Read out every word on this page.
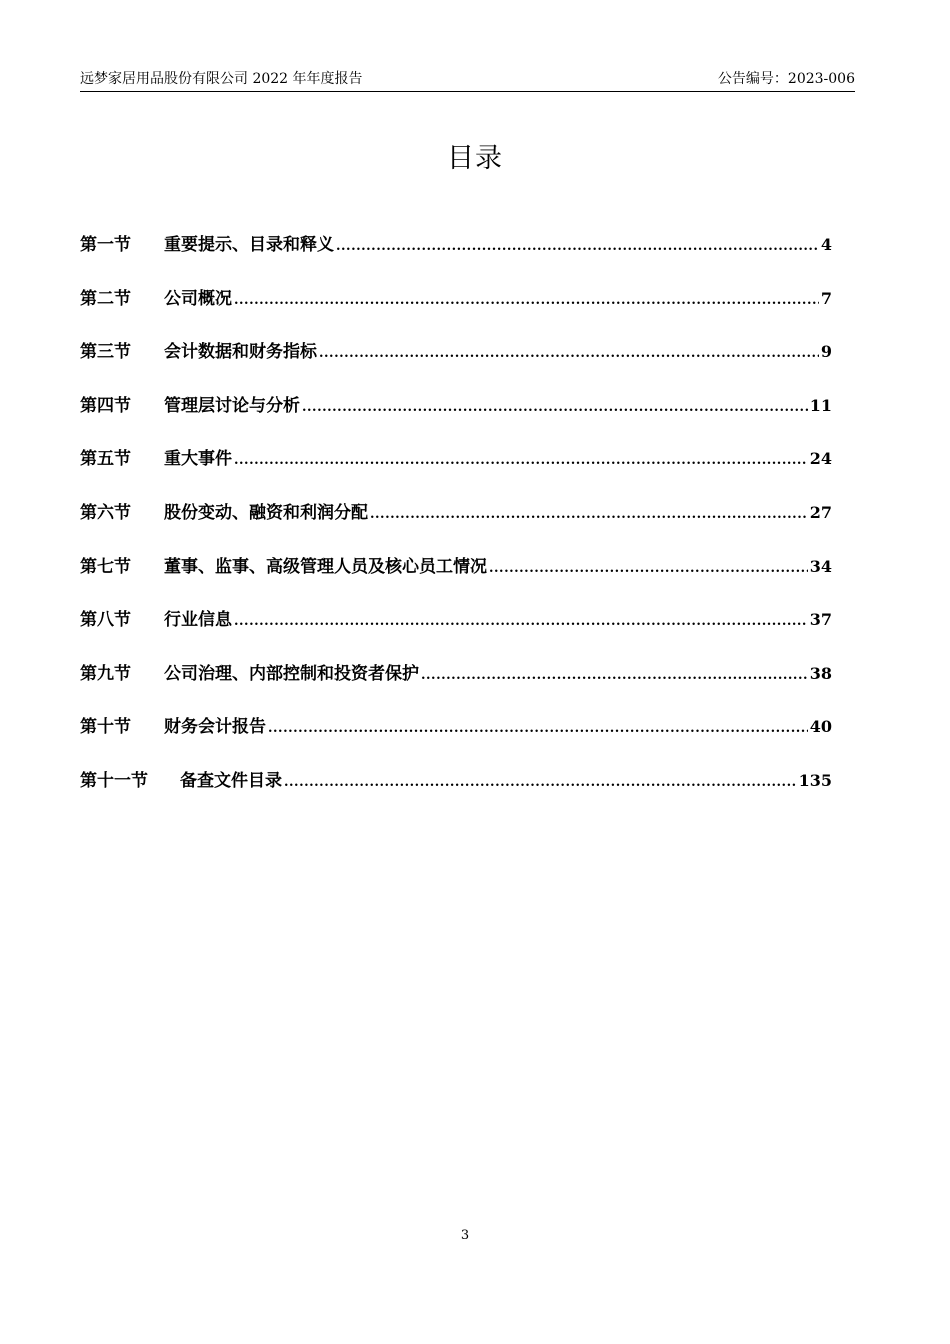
远梦家居用品股份有限公司 2022 年年度报告	公告编号：2023-006
目录
第一节	重要提示、目录和释义 .....	4
第二节	公司概况 .....	7
第三节	会计数据和财务指标 .....	9
第四节	管理层讨论与分析 .....	11
第五节	重大事件 .....	24
第六节	股份变动、融资和利润分配 .....	27
第七节	董事、监事、高级管理人员及核心员工情况 .....	34
第八节	行业信息 .....	37
第九节	公司治理、内部控制和投资者保护 .....	38
第十节	财务会计报告 .....	40
第十一节	备查文件目录 .....	135
3
